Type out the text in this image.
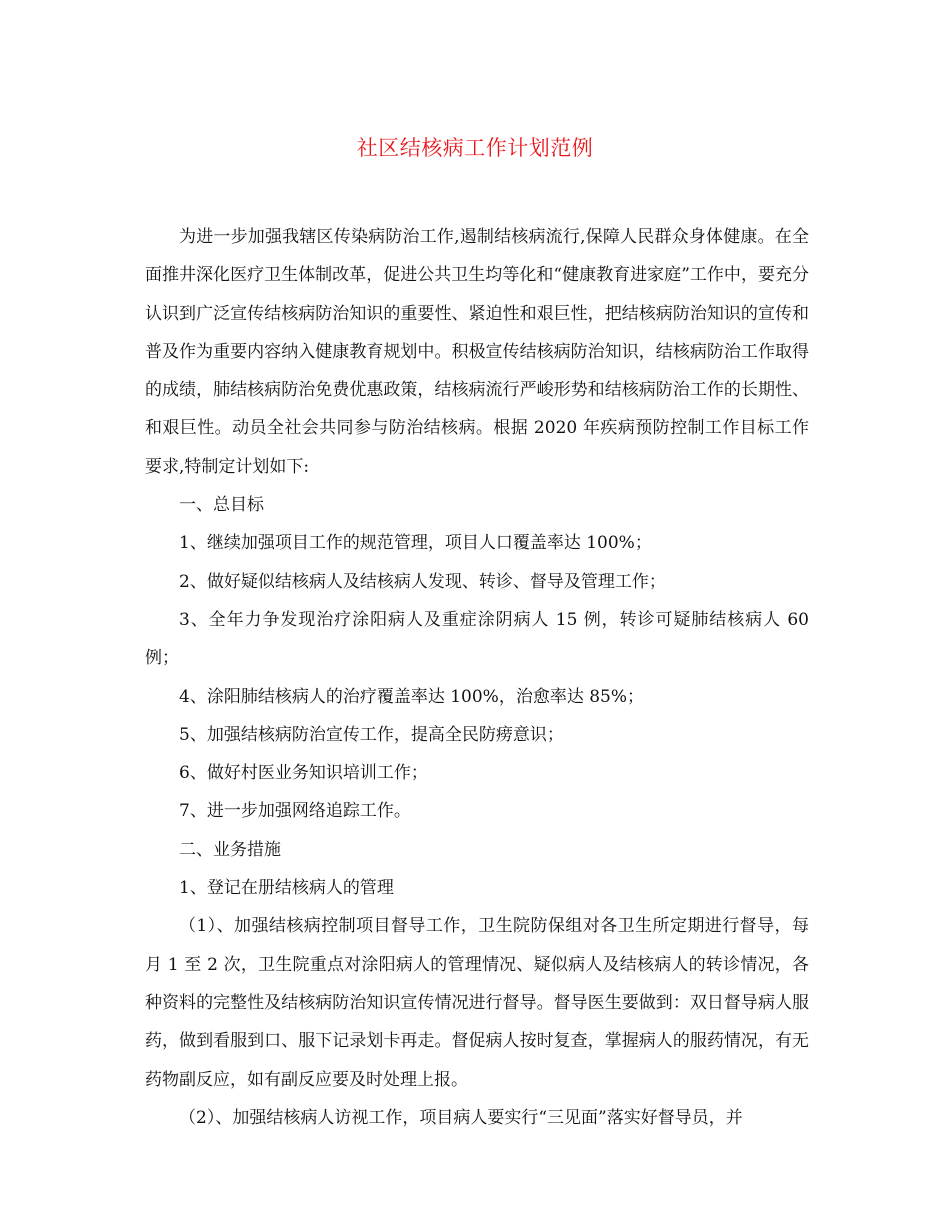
社区结核病工作计划范例

为进一步加强我辖区传染病防治工作,遏制结核病流行,保障人民群众身体健康。在全面推井深化医疗卫生体制改革，促进公共卫生均等化和“健康教育进家庭”工作中，要充分认识到广泛宣传结核病防治知识的重要性、紧迫性和艰巨性，把结核病防治知识的宣传和普及作为重要内容纳入健康教育规划中。积极宣传结核病防治知识，结核病防治工作取得的成绩，肺结核病防治免费优惠政策，结核病流行严峻形势和结核病防治工作的长期性、和艰巨性。动员全社会共同参与防治结核病。根据 2020 年疾病预防控制工作目标工作要求,特制定计划如下:

一、总目标

1、继续加强项目工作的规范管理，项目人口覆盖率达 100%；

2、做好疑似结核病人及结核病人发现、转诊、督导及管理工作；

3、全年力争发现治疗涂阳病人及重症涂阴病人 15 例，转诊可疑肺结核病人 60 例；

4、涂阳肺结核病人的治疗覆盖率达 100%，治愈率达 85%；

5、加强结核病防治宣传工作，提高全民防痨意识；

6、做好村医业务知识培训工作；

7、进一步加强网络追踪工作。

二、业务措施

1、登记在册结核病人的管理

（1）、加强结核病控制项目督导工作，卫生院防保组对各卫生所定期进行督导，每月 1 至 2 次，卫生院重点对涂阳病人的管理情况、疑似病人及结核病人的转诊情况，各种资料的完整性及结核病防治知识宣传情况进行督导。督导医生要做到：双日督导病人服药，做到看服到口、服下记录划卡再走。督促病人按时复查，掌握病人的服药情况，有无药物副反应，如有副反应要及时处理上报。

（2）、加强结核病人访视工作，项目病人要实行“三见面”落实好督导员，并
